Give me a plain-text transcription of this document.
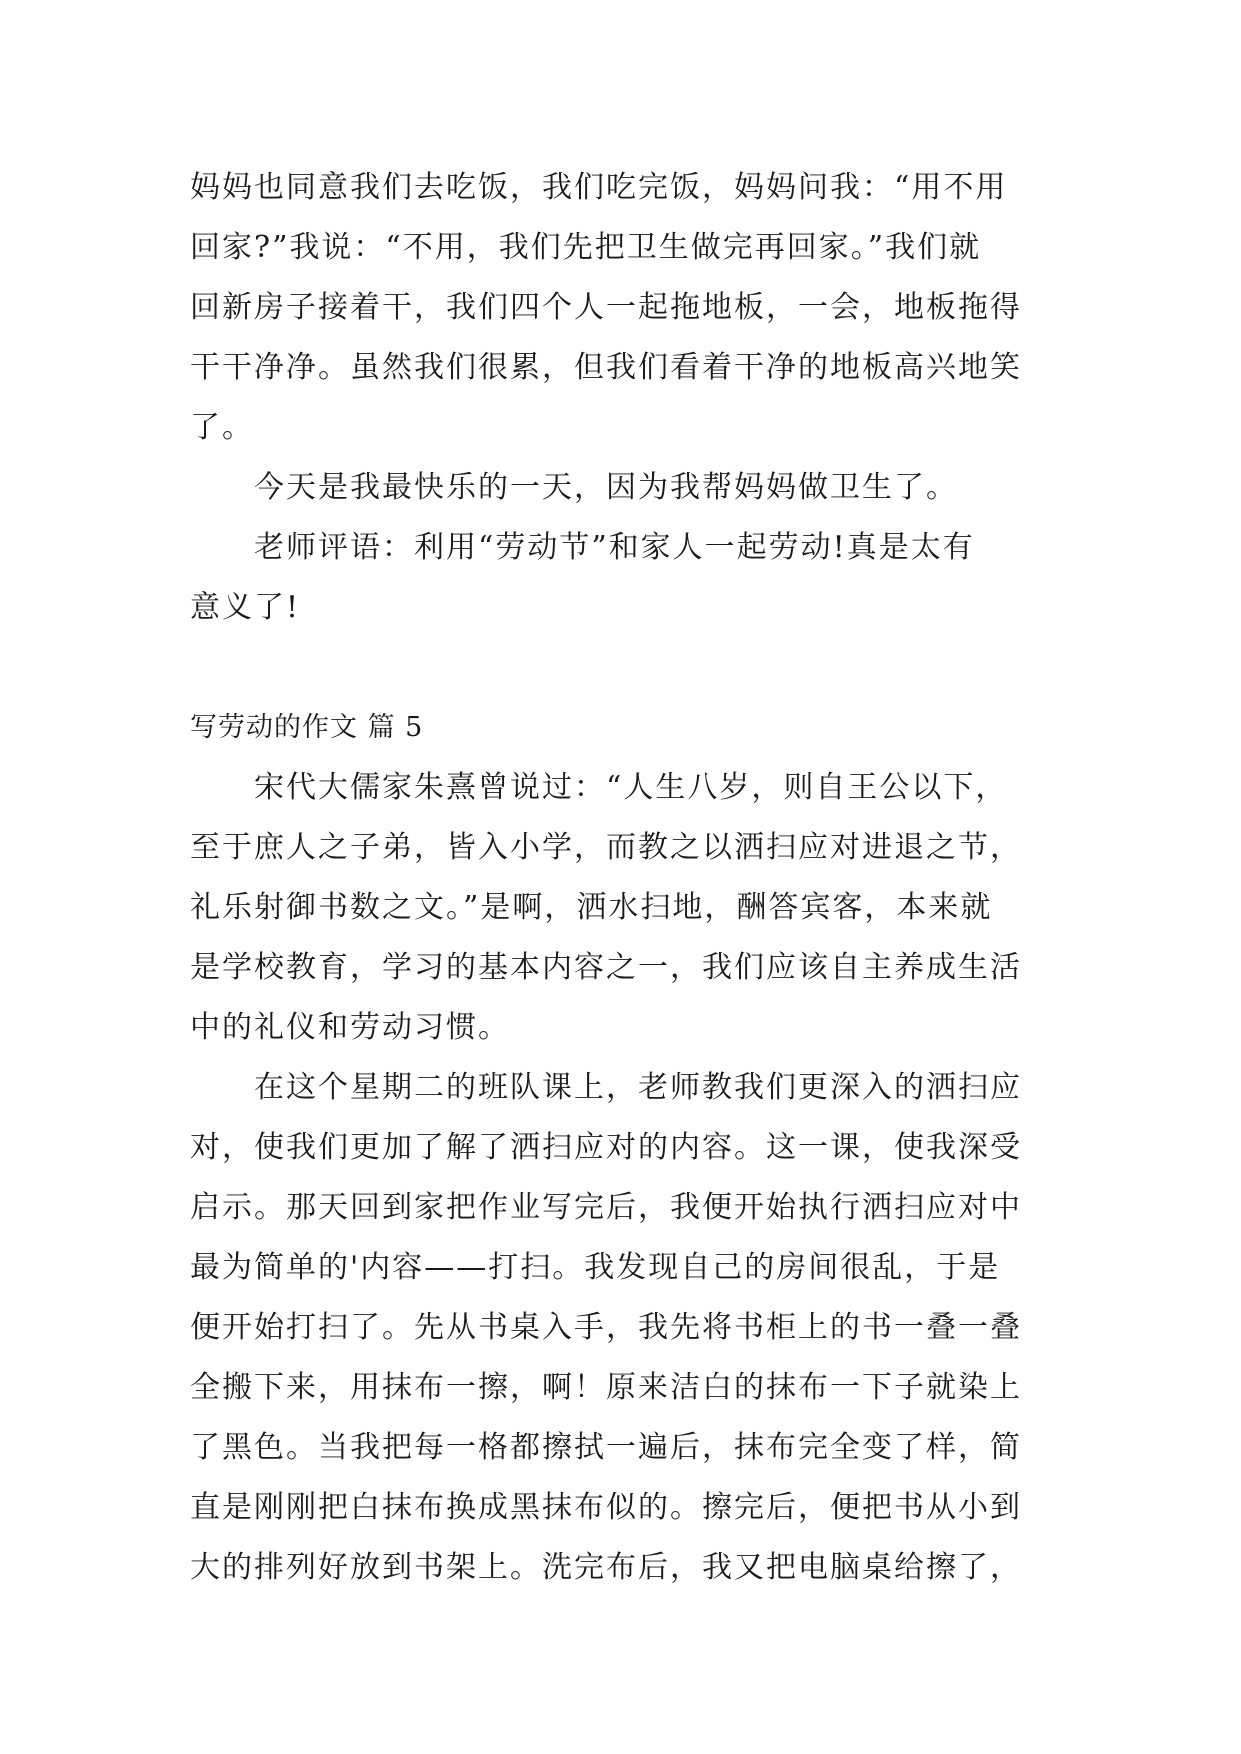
妈妈也同意我们去吃饭，我们吃完饭，妈妈问我：“用不用
回家?”我说：“不用，我们先把卫生做完再回家。”我们就
回新房子接着干，我们四个人一起拖地板，一会，地板拖得
干干净净。虽然我们很累，但我们看着干净的地板高兴地笑
了。
今天是我最快乐的一天，因为我帮妈妈做卫生了。
老师评语：利用“劳动节”和家人一起劳动!真是太有
意义了!
写劳动的作文 篇 5
宋代大儒家朱熹曾说过：“人生八岁，则自王公以下，
至于庶人之子弟，皆入小学，而教之以洒扫应对进退之节，
礼乐射御书数之文。”是啊，洒水扫地，酬答宾客，本来就
是学校教育，学习的基本内容之一，我们应该自主养成生活
中的礼仪和劳动习惯。
在这个星期二的班队课上，老师教我们更深入的洒扫应
对，使我们更加了解了洒扫应对的内容。这一课，使我深受
启示。那天回到家把作业写完后，我便开始执行洒扫应对中
最为简单的'内容——打扫。我发现自己的房间很乱，于是
便开始打扫了。先从书桌入手，我先将书柜上的书一叠一叠
全搬下来，用抹布一擦，啊！原来洁白的抹布一下子就染上
了黑色。当我把每一格都擦拭一遍后，抹布完全变了样，简
直是刚刚把白抹布换成黑抹布似的。擦完后，便把书从小到
大的排列好放到书架上。洗完布后，我又把电脑桌给擦了，
